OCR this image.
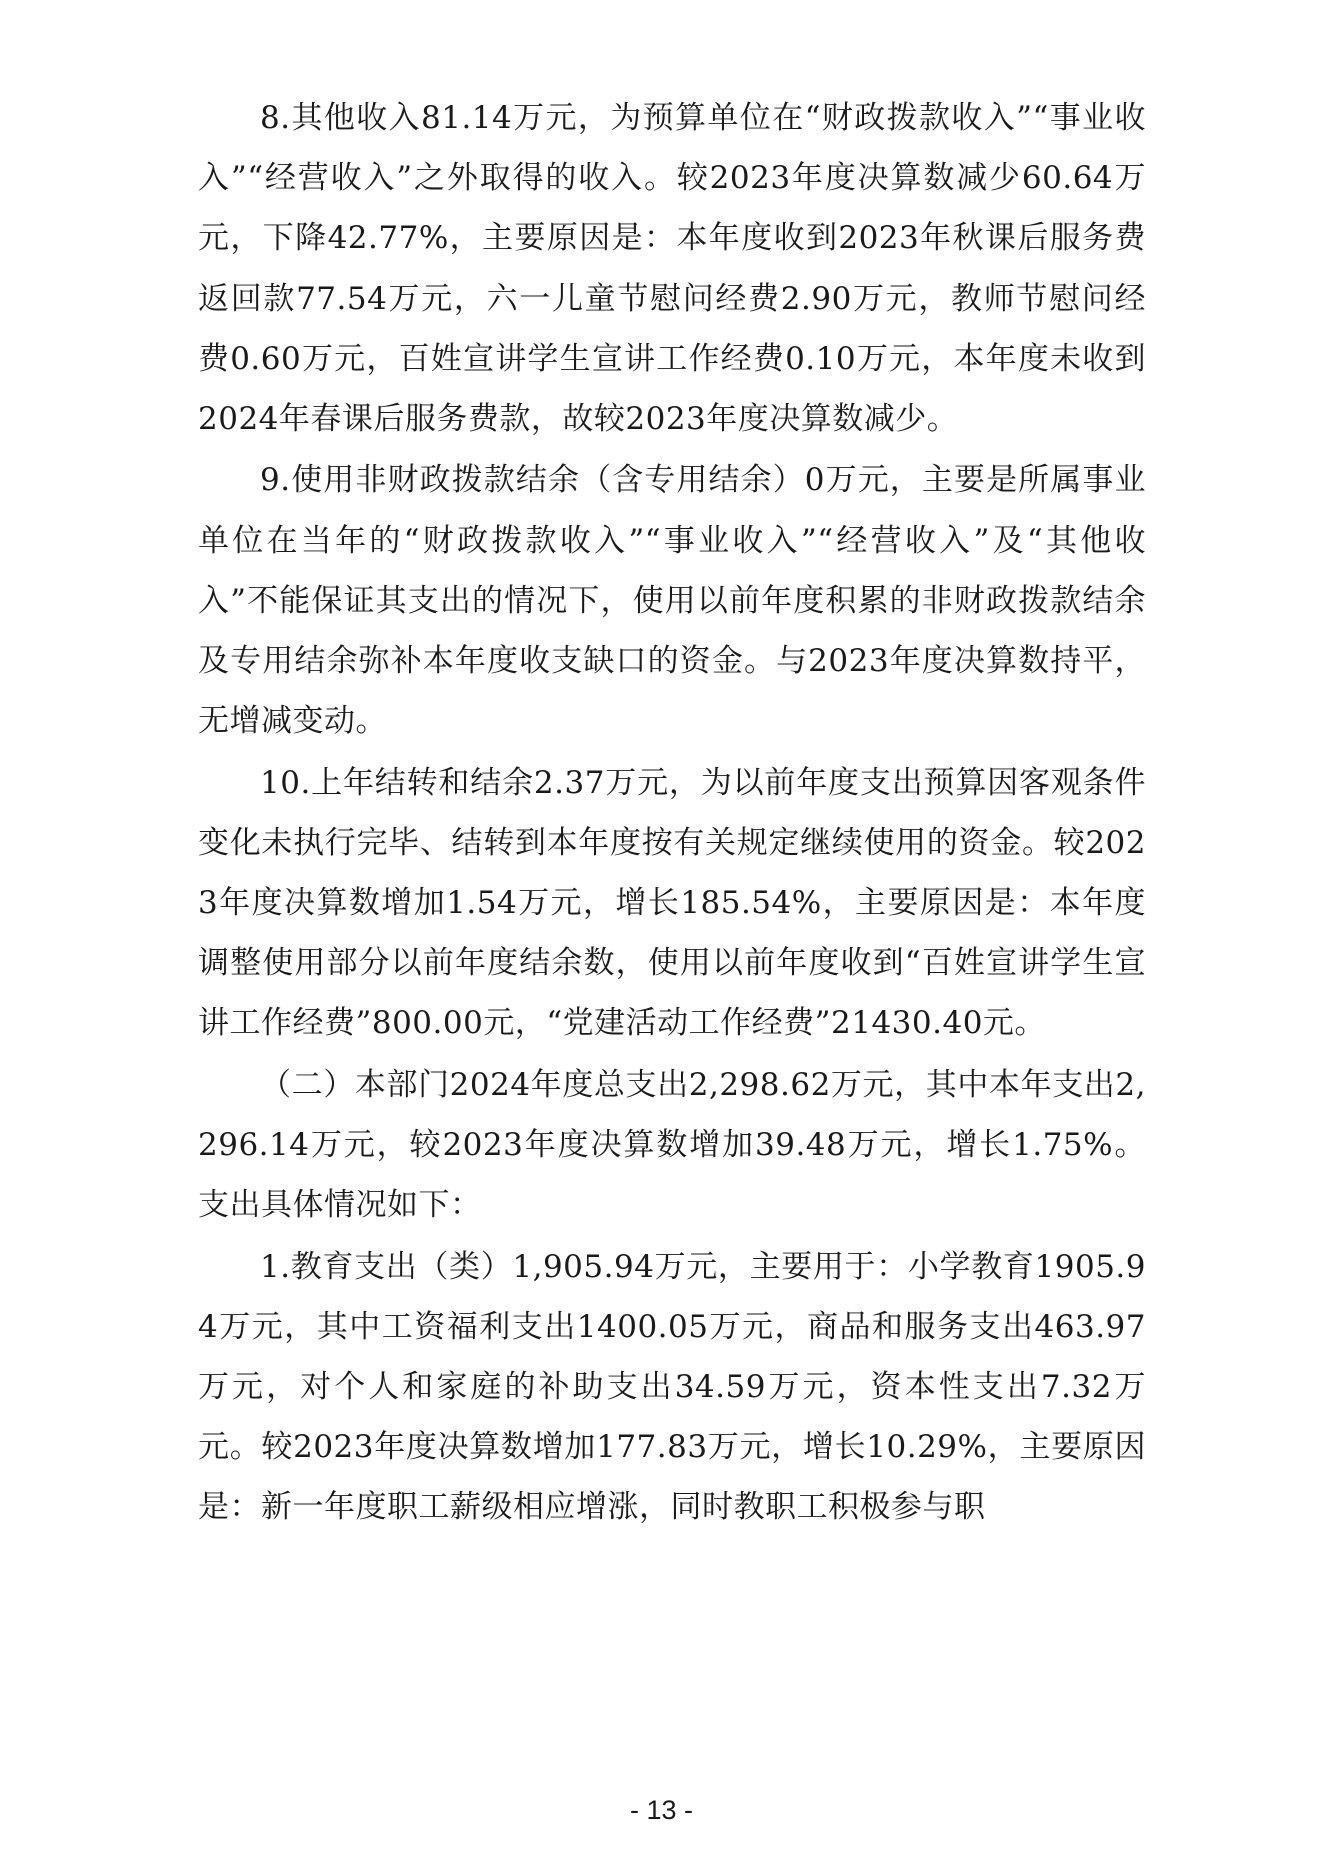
8.其他收入81.14万元，为预算单位在“财政拨款收入”“事业收入”“经营收入”之外取得的收入。较2023年度决算数减少60.64万元，下降42.77%，主要原因是：本年度收到2023年秋课后服务费返回款77.54万元，六一儿童节慰问经费2.90万元，教师节慰问经费0.60万元，百姓宣讲学生宣讲工作经费0.10万元，本年度未收到2024年春课后服务费款，故较2023年度决算数减少。

9.使用非财政拨款结余（含专用结余）0万元，主要是所属事业单位在当年的“财政拨款收入”“事业收入”“经营收入”及“其他收入”不能保证其支出的情况下，使用以前年度积累的非财政拨款结余及专用结余弥补本年度收支缺口的资金。与2023年度决算数持平，无增减变动。

10.上年结转和结余2.37万元，为以前年度支出预算因客观条件变化未执行完毕、结转到本年度按有关规定继续使用的资金。较2023年度决算数增加1.54万元，增长185.54%，主要原因是：本年度调整使用部分以前年度结余数，使用以前年度收到“百姓宣讲学生宣讲工作经费”800.00元，“党建活动工作经费”21430.40元。

（二）本部门2024年度总支出2,298.62万元，其中本年支出2,296.14万元，较2023年度决算数增加39.48万元，增长1.75%。支出具体情况如下：

1.教育支出（类）1,905.94万元，主要用于：小学教育1905.94万元，其中工资福利支出1400.05万元，商品和服务支出463.97万元，对个人和家庭的补助支出34.59万元，资本性支出7.32万元。较2023年度决算数增加177.83万元，增长10.29%，主要原因是：新一年度职工薪级相应增涨，同时教职工积极参与职

- 13 -
